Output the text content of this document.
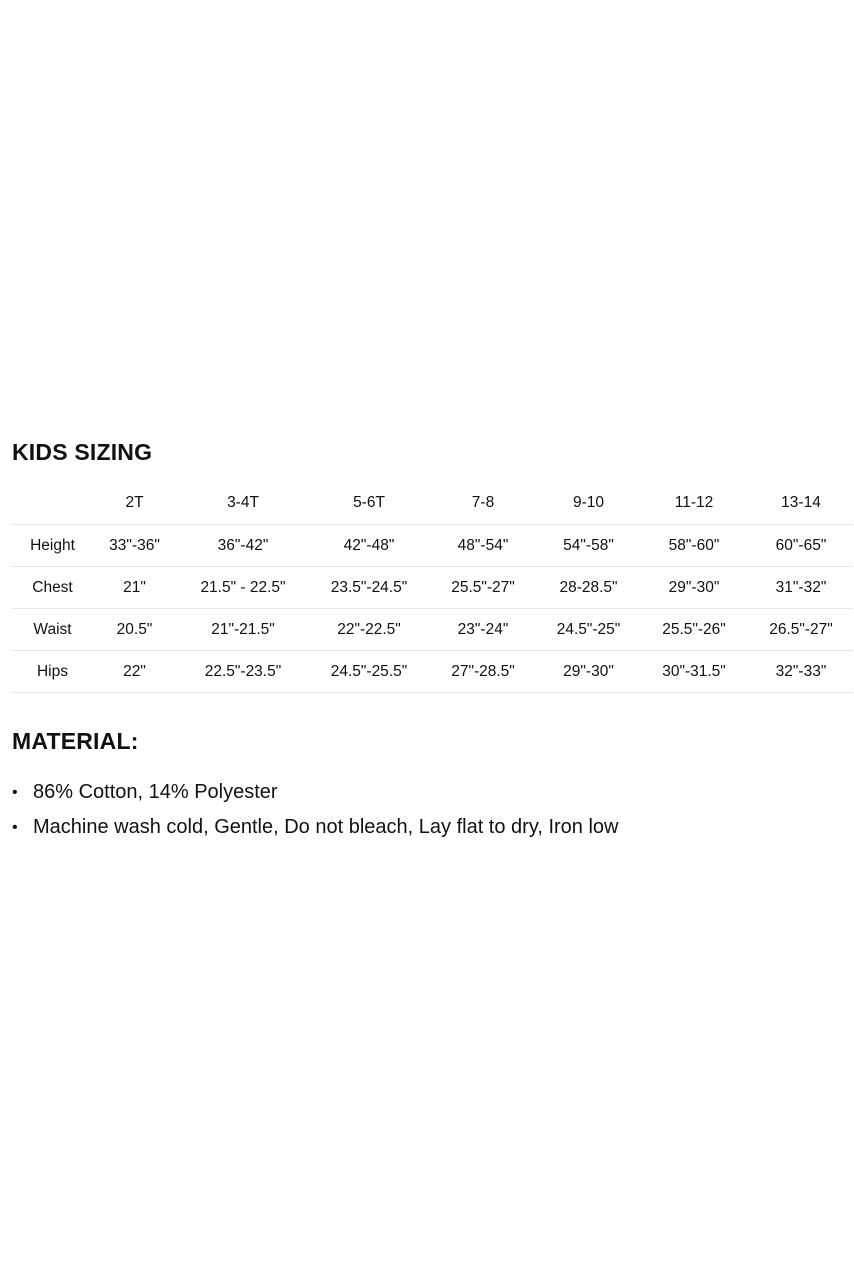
KIDS SIZING
	2T	3-4T	5-6T	7-8	9-10	11-12	13-14
Height	33"-36"	36"-42"	42"-48"	48"-54"	54"-58"	58"-60"	60"-65"
Chest	21"	21.5" - 22.5"	23.5"-24.5"	25.5"-27"	28-28.5"	29"-30"	31"-32"
Waist	20.5"	21"-21.5"	22"-22.5"	23"-24"	24.5"-25"	25.5"-26"	26.5"-27"
Hips	22"	22.5"-23.5"	24.5"-25.5"	27"-28.5"	29"-30"	30"-31.5"	32"-33"
MATERIAL:
• 86% Cotton, 14% Polyester
• Machine wash cold, Gentle, Do not bleach, Lay flat to dry, Iron low
